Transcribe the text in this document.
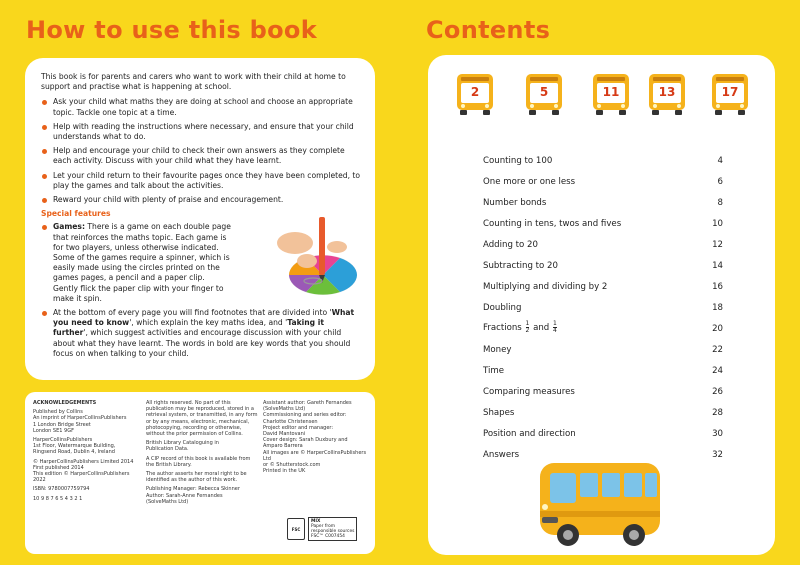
How to use this book

This book is for parents and carers who want to work with their child at home to support and practise what is happening at school.

Ask your child what maths they are doing at school and choose an appropriate topic. Tackle one topic at a time.
Help with reading the instructions where necessary, and ensure that your child understands what to do.
Help and encourage your child to check their own answers as they complete each activity. Discuss with your child what they have learnt.
Let your child return to their favourite pages once they have been completed, to play the games and talk about the activities.
Reward your child with plenty of praise and encouragement.
Special features
Games: There is a game on each double page that reinforces the maths topic. Each game is for two players, unless otherwise indicated. Some of the games require a spinner, which is easily made using the circles printed on the games pages, a pencil and a paper clip. Gently flick the paper clip with your finger to make it spin.
At the bottom of every page you will find footnotes that are divided into 'What you need to know', which explain the key maths idea, and 'Taking it further', which suggest activities and encourage discussion with your child about what they have learnt. The words in bold are key words that you should focus on when talking to your child.

ACKNOWLEDGEMENTS

Published by Collins
An imprint of HarperCollinsPublishers
1 London Bridge Street
London SE1 9GF

HarperCollinsPublishers
1st Floor, Watermarque Building,
Ringsend Road, Dublin 4, Ireland

© HarperCollinsPublishers Limited 2014
First published 2014
This edition © HarperCollinsPublishers 2022

ISBN: 9780007759794

10 9 8 7 6 5 4 3 2 1

All rights reserved. No part of this
publication may be reproduced, stored in a
retrieval system, or transmitted, in any form
or by any means, electronic, mechanical,
photocopying, recording or otherwise,
without the prior permission of Collins.

British Library Cataloguing in
Publication Data.

A CIP record of this book is available from
the British Library.

The author asserts her moral right to be
identified as the author of this work.

Publishing Manager: Rebecca Skinner
Author: Sarah-Anne Fernandes
(SolveMaths Ltd)

Assistant author: Gareth Fernandes
(SolveMaths Ltd)
Commissioning and series editor:
Charlotte Christensen
Project editor and manager:
David Mantovani
Cover design: Sarah Duxbury and
Amparo Barrera
All images are © HarperCollinsPublishers Ltd
or © Shutterstock.com
Printed in the UK

FSC
MIX
Paper from
responsible sources
FSC™ C007454
Contents
2	5	11	13	17
Counting to 100	4
One more or one less	6
Number bonds	8
Counting in tens, twos and fives	10
Adding to 20	12
Subtracting to 20	14
Multiplying and dividing by 2	16
Doubling	18
Fractions $\frac{1}{2}$ and $\frac{1}{4}$	20
Money	22
Time	24
Comparing measures	26
Shapes	28
Position and direction	30
Answers	32
